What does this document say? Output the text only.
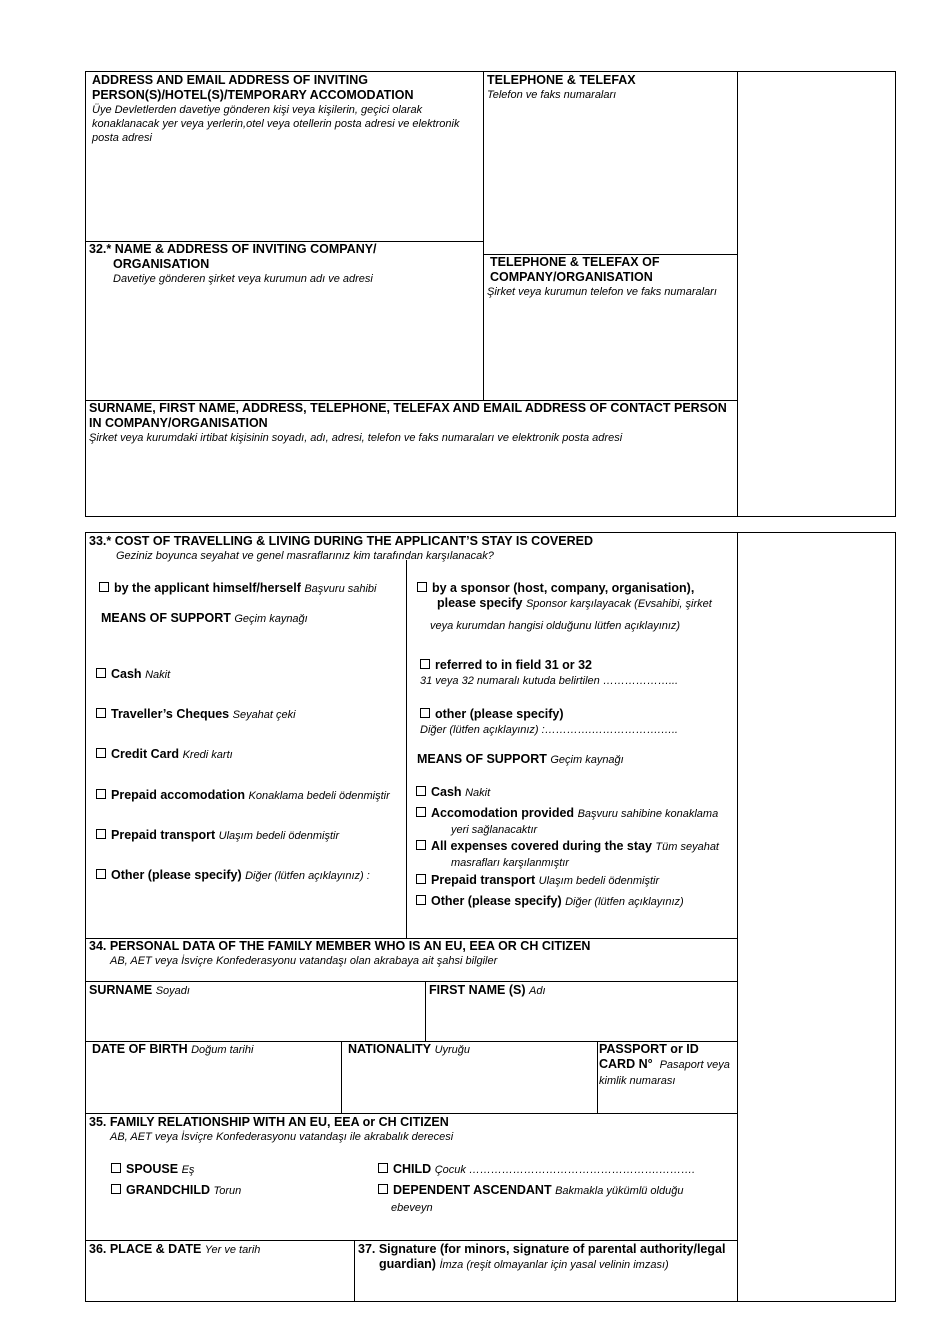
ADDRESS AND EMAIL ADDRESS OF INVITING PERSON(S)/HOTEL(S)/TEMPORARY ACCOMODATION
Üye Devletlerden davetiye gönderen kişi veya kişilerin, geçici olarak konaklanacak yer veya yerlerin,otel veya otellerin posta adresi ve elektronik posta adresi
TELEPHONE & TELEFAX
Telefon ve faks numaraları
32.* NAME & ADDRESS OF INVITING COMPANY/
ORGANISATION
Davetiye gönderen şirket veya kurumun adı ve adresi
TELEPHONE & TELEFAX OF
COMPANY/ORGANISATION
Şirket veya kurumun telefon ve faks numaraları
SURNAME, FIRST NAME, ADDRESS, TELEPHONE, TELEFAX AND EMAIL ADDRESS OF CONTACT PERSON IN COMPANY/ORGANISATION
Şirket veya kurumdaki irtibat kişisinin soyadı, adı, adresi, telefon ve faks numaraları ve elektronik posta adresi
33.* COST OF TRAVELLING & LIVING DURING THE APPLICANT’S STAY IS COVERED
Geziniz boyunca seyahat ve genel masraflarınız kim tarafından karşılanacak?
by the applicant himself/herself Başvuru sahibi
MEANS OF SUPPORT Geçim kaynağı
Cash Nakit
Traveller’s Cheques Seyahat çeki
Credit Card Kredi kartı
Prepaid accomodation Konaklama bedeli ödenmiştir
Prepaid transport Ulaşım bedeli ödenmiştir
Other (please specify) Diğer (lütfen açıklayınız) :
by a sponsor (host, company, organisation),
please specify Sponsor karşılayacak (Evsahibi, şirket
veya kurumdan hangisi olduğunu lütfen açıklayınız)
referred to in field 31 or 32
31 veya 32 numaralı kutuda belirtilen ………………...
other (please specify)
Diğer (lütfen açıklayınız) :………….……………….…..
MEANS OF SUPPORT Geçim kaynağı
Cash Nakit
Accomodation provided Başvuru sahibine konaklama
yeri sağlanacaktır
All expenses covered during the stay Tüm seyahat
masrafları karşılanmıştır
Prepaid transport Ulaşım bedeli ödenmiştir
Other (please specify) Diğer (lütfen açıklayınız)
34. PERSONAL DATA OF THE FAMILY MEMBER WHO IS AN EU, EEA OR CH CITIZEN
AB, AET veya İsviçre Konfederasyonu vatandaşı olan akrabaya ait şahsi bilgiler
SURNAME Soyadı	FIRST NAME (S) Adı
DATE OF BIRTH Doğum tarihi	NATIONALITY Uyruğu	PASSPORT or ID
CARD N° Pasaport veya
kimlik numarası
35. FAMILY RELATIONSHIP WITH AN EU, EEA or CH CITIZEN
AB, AET veya İsviçre Konfederasyonu vatandaşı ile akrabalık derecesi
SPOUSE Eş
GRANDCHILD Torun
CHILD Çocuk …………………………………………….……….
DEPENDENT ASCENDANT Bakmakla yükümlü olduğu
ebeveyn
36. PLACE & DATE Yer ve tarih	37. Signature (for minors, signature of parental authority/legal
guardian) İmza (reşit olmayanlar için yasal velinin imzası)
